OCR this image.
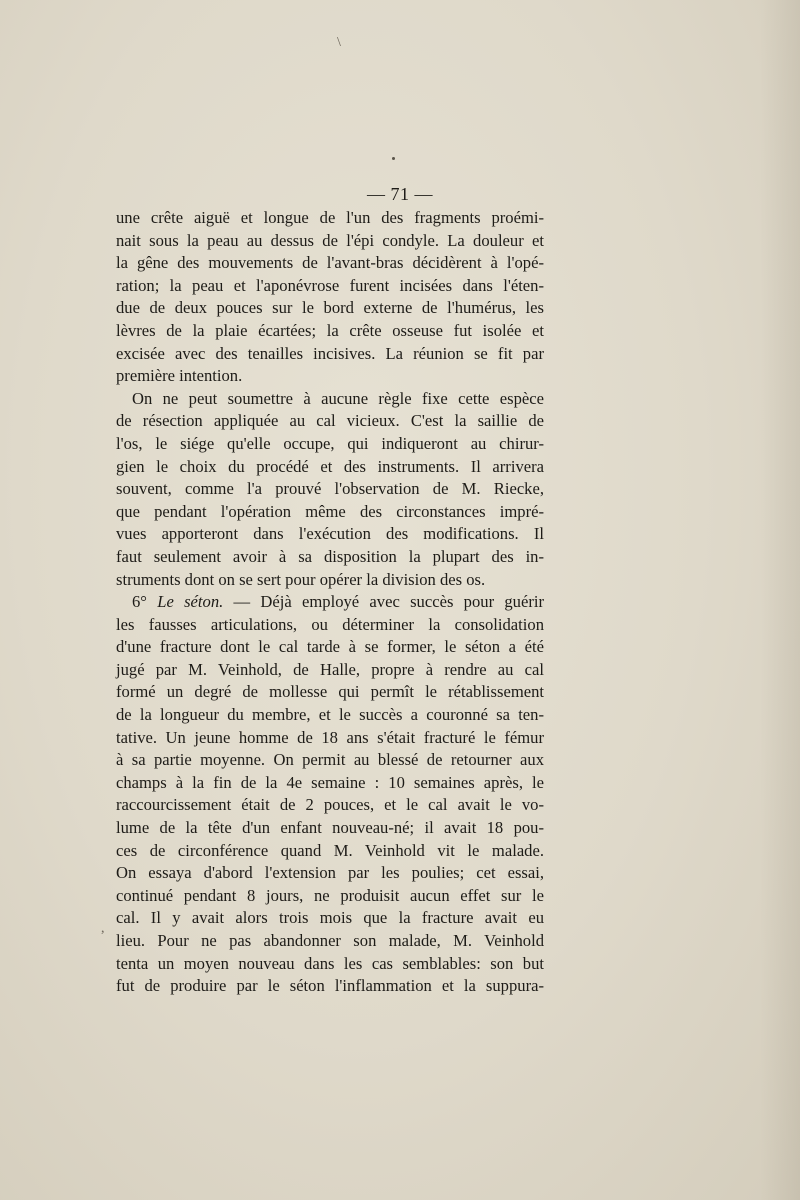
\
,
— 71 —
une crête aiguë et longue de l'un des fragments proémi-
nait sous la peau au dessus de l'épi condyle. La douleur et
la gêne des mouvements de l'avant-bras décidèrent à l'opé-
ration; la peau et l'aponévrose furent incisées dans l'éten-
due de deux pouces sur le bord externe de l'humérus, les
lèvres de la plaie écartées; la crête osseuse fut isolée et
excisée avec des tenailles incisives. La réunion se fit par
première intention.
On ne peut soumettre à aucune règle fixe cette espèce
de résection appliquée au cal vicieux. C'est la saillie de
l'os, le siége qu'elle occupe, qui indiqueront au chirur-
gien le choix du procédé et des instruments. Il arrivera
souvent, comme l'a prouvé l'observation de M. Riecke,
que pendant l'opération même des circonstances impré-
vues apporteront dans l'exécution des modifications. Il
faut seulement avoir à sa disposition la plupart des in-
struments dont on se sert pour opérer la division des os.
6° Le séton. — Déjà employé avec succès pour guérir
les fausses articulations, ou déterminer la consolidation
d'une fracture dont le cal tarde à se former, le séton a été
jugé par M. Veinhold, de Halle, propre à rendre au cal
formé un degré de mollesse qui permît le rétablissement
de la longueur du membre, et le succès a couronné sa ten-
tative. Un jeune homme de 18 ans s'était fracturé le fémur
à sa partie moyenne. On permit au blessé de retourner aux
champs à la fin de la 4e semaine : 10 semaines après, le
raccourcissement était de 2 pouces, et le cal avait le vo-
lume de la tête d'un enfant nouveau-né; il avait 18 pou-
ces de circonférence quand M. Veinhold vit le malade.
On essaya d'abord l'extension par les poulies; cet essai,
continué pendant 8 jours, ne produisit aucun effet sur le
cal. Il y avait alors trois mois que la fracture avait eu
lieu. Pour ne pas abandonner son malade, M. Veinhold
tenta un moyen nouveau dans les cas semblables: son but
fut de produire par le séton l'inflammation et la suppura-
